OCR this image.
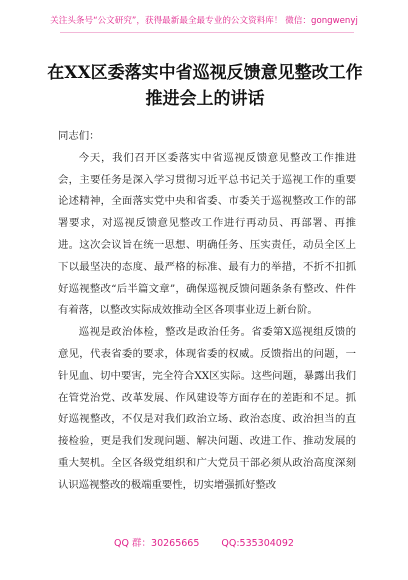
关注头条号“公文研究”，获得最新最全最专业的公文资料库！ 微信：gongwenyj
在XX区委落实中省巡视反馈意见整改工作推进会上的讲话

同志们：

今天，我们召开区委落实中省巡视反馈意见整改工作推进会，主要任务是深入学习贯彻习近平总书记关于巡视工作的重要论述精神，全面落实党中央和省委、市委关于巡视整改工作的部署要求，对巡视反馈意见整改工作进行再动员、再部署、再推进。这次会议旨在统一思想、明确任务、压实责任，动员全区上下以最坚决的态度、最严格的标准、最有力的举措，不折不扣抓好巡视整改“后半篇文章”，确保巡视反馈问题条条有整改、件件有着落，以整改实际成效推动全区各项事业迈上新台阶。

巡视是政治体检，整改是政治任务。省委第X巡视组反馈的意见，代表省委的要求，体现省委的权威。反馈指出的问题，一针见血、切中要害，完全符合XX区实际。这些问题，暴露出我们在管党治党、改革发展、作风建设等方面存在的差距和不足。抓好巡视整改，不仅是对我们政治立场、政治态度、政治担当的直接检验，更是我们发现问题、解决问题、改进工作、推动发展的重大契机。全区各级党组织和广大党员干部必须从政治高度深刻认识巡视整改的极端重要性，切实增强抓好整改

QQ 群：30265665 QQ:535304092
